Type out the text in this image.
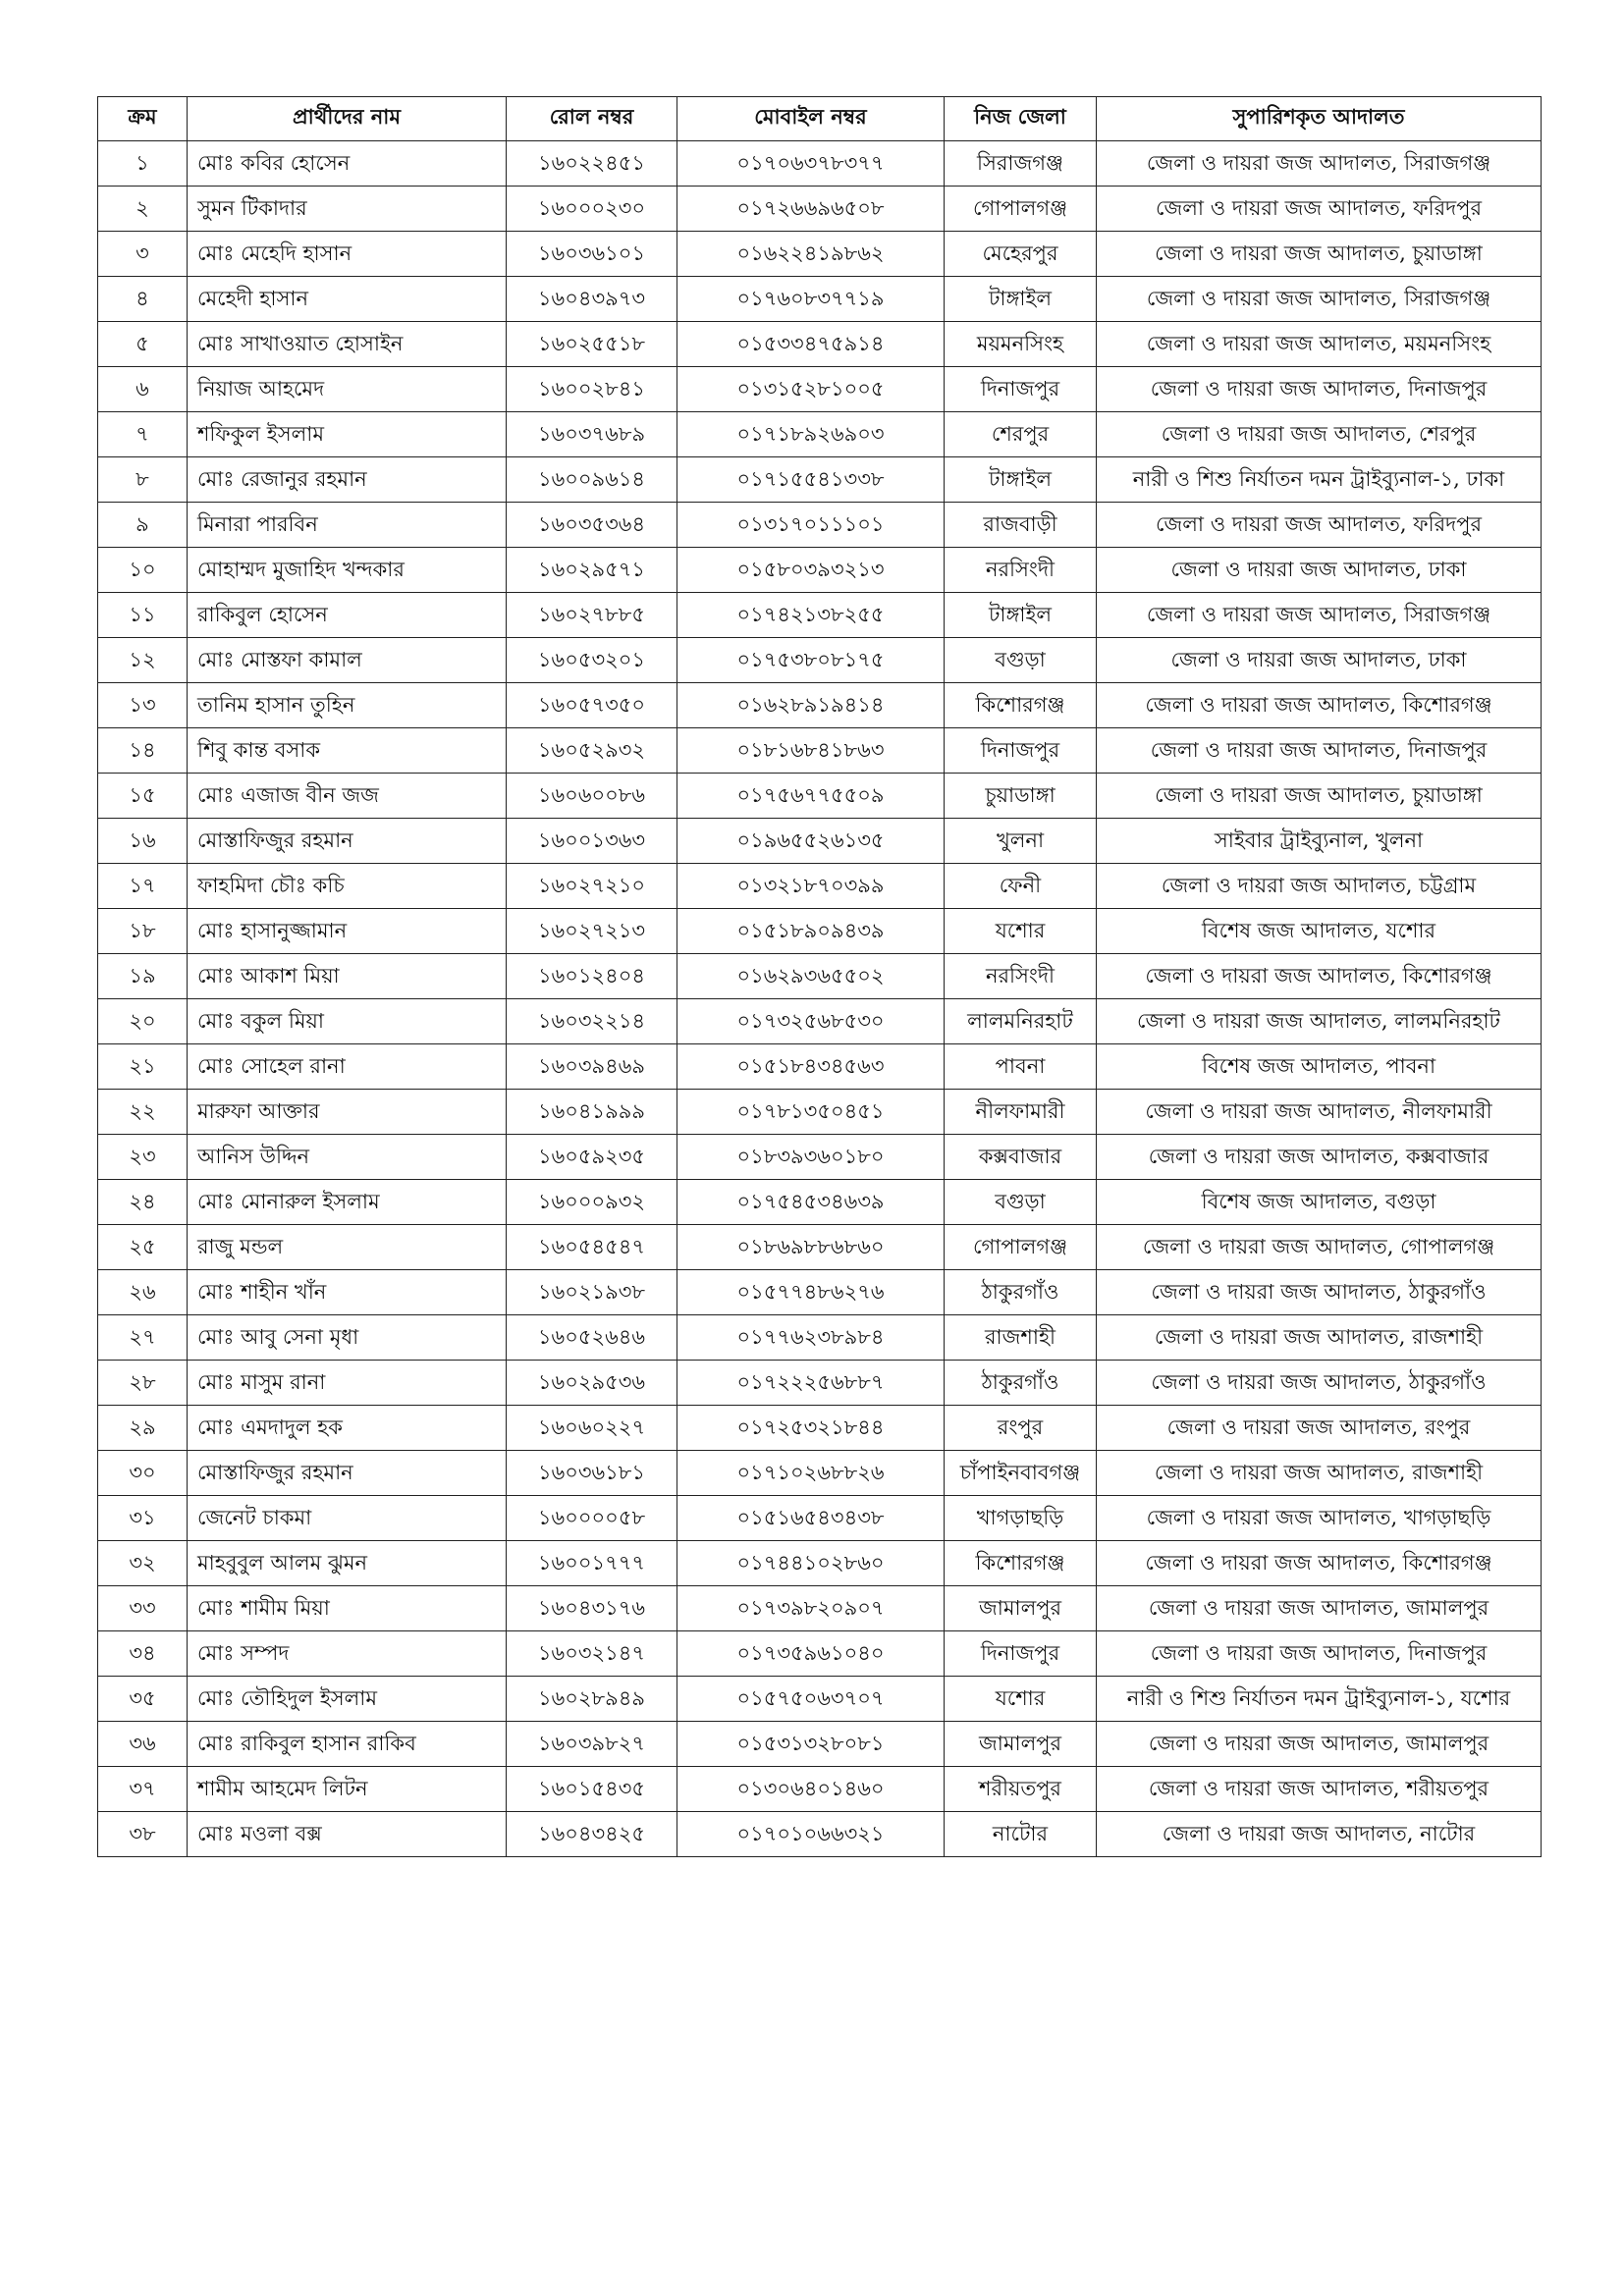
ক্রম	প্রার্থীদের নাম	রোল নম্বর	মোবাইল নম্বর	নিজ জেলা	সুপারিশকৃত আদালত
১	মোঃ কবির হোসেন	১৬০২২৪৫১	০১৭০৬৩৭৮৩৭৭	সিরাজগঞ্জ	জেলা ও দায়রা জজ আদালত, সিরাজগঞ্জ
২	সুমন টিকাদার	১৬০০০২৩০	০১৭২৬৬৯৬৫০৮	গোপালগঞ্জ	জেলা ও দায়রা জজ আদালত, ফরিদপুর
৩	মোঃ মেহেদি হাসান	১৬০৩৬১০১	০১৬২২৪১৯৮৬২	মেহেরপুর	জেলা ও দায়রা জজ আদালত, চুয়াডাঙ্গা
৪	মেহেদী হাসান	১৬০৪৩৯৭৩	০১৭৬০৮৩৭৭১৯	টাঙ্গাইল	জেলা ও দায়রা জজ আদালত, সিরাজগঞ্জ
৫	মোঃ সাখাওয়াত হোসাইন	১৬০২৫৫১৮	০১৫৩৩৪৭৫৯১৪	ময়মনসিংহ	জেলা ও দায়রা জজ আদালত, ময়মনসিংহ
৬	নিয়াজ আহমেদ	১৬০০২৮৪১	০১৩১৫২৮১০০৫	দিনাজপুর	জেলা ও দায়রা জজ আদালত, দিনাজপুর
৭	শফিকুল ইসলাম	১৬০৩৭৬৮৯	০১৭১৮৯২৬৯০৩	শেরপুর	জেলা ও দায়রা জজ আদালত, শেরপুর
৮	মোঃ রেজানুর রহমান	১৬০০৯৬১৪	০১৭১৫৫৪১৩৩৮	টাঙ্গাইল	নারী ও শিশু নির্যাতন দমন ট্রাইব্যুনাল-১, ঢাকা
৯	মিনারা পারবিন	১৬০৩৫৩৬৪	০১৩১৭০১১১০১	রাজবাড়ী	জেলা ও দায়রা জজ আদালত, ফরিদপুর
১০	মোহাম্মদ মুজাহিদ খন্দকার	১৬০২৯৫৭১	০১৫৮০৩৯৩২১৩	নরসিংদী	জেলা ও দায়রা জজ আদালত, ঢাকা
১১	রাকিবুল হোসেন	১৬০২৭৮৮৫	০১৭৪২১৩৮২৫৫	টাঙ্গাইল	জেলা ও দায়রা জজ আদালত, সিরাজগঞ্জ
১২	মোঃ মোস্তফা কামাল	১৬০৫৩২০১	০১৭৫৩৮০৮১৭৫	বগুড়া	জেলা ও দায়রা জজ আদালত, ঢাকা
১৩	তানিম হাসান তুহিন	১৬০৫৭৩৫০	০১৬২৮৯১৯৪১৪	কিশোরগঞ্জ	জেলা ও দায়রা জজ আদালত, কিশোরগঞ্জ
১৪	শিবু কান্ত বসাক	১৬০৫২৯৩২	০১৮১৬৮৪১৮৬৩	দিনাজপুর	জেলা ও দায়রা জজ আদালত, দিনাজপুর
১৫	মোঃ এজাজ বীন জজ	১৬০৬০০৮৬	০১৭৫৬৭৭৫৫০৯	চুয়াডাঙ্গা	জেলা ও দায়রা জজ আদালত, চুয়াডাঙ্গা
১৬	মোস্তাফিজুর রহমান	১৬০০১৩৬৩	০১৯৬৫৫২৬১৩৫	খুলনা	সাইবার ট্রাইব্যুনাল, খুলনা
১৭	ফাহমিদা চৌঃ কচি	১৬০২৭২১০	০১৩২১৮৭০৩৯৯	ফেনী	জেলা ও দায়রা জজ আদালত, চট্টগ্রাম
১৮	মোঃ হাসানুজ্জামান	১৬০২৭২১৩	০১৫১৮৯০৯৪৩৯	যশোর	বিশেষ জজ আদালত, যশোর
১৯	মোঃ আকাশ মিয়া	১৬০১২৪০৪	০১৬২৯৩৬৫৫০২	নরসিংদী	জেলা ও দায়রা জজ আদালত, কিশোরগঞ্জ
২০	মোঃ বকুল মিয়া	১৬০৩২২১৪	০১৭৩২৫৬৮৫৩০	লালমনিরহাট	জেলা ও দায়রা জজ আদালত, লালমনিরহাট
২১	মোঃ সোহেল রানা	১৬০৩৯৪৬৯	০১৫১৮৪৩৪৫৬৩	পাবনা	বিশেষ জজ আদালত, পাবনা
২২	মারুফা আক্তার	১৬০৪১৯৯৯	০১৭৮১৩৫০৪৫১	নীলফামারী	জেলা ও দায়রা জজ আদালত, নীলফামারী
২৩	আনিস উদ্দিন	১৬০৫৯২৩৫	০১৮৩৯৩৬০১৮০	কক্সবাজার	জেলা ও দায়রা জজ আদালত, কক্সবাজার
২৪	মোঃ মোনারুল ইসলাম	১৬০০০৯৩২	০১৭৫৪৫৩৪৬৩৯	বগুড়া	বিশেষ জজ আদালত, বগুড়া
২৫	রাজু মন্ডল	১৬০৫৪৫৪৭	০১৮৬৯৮৮৬৮৬০	গোপালগঞ্জ	জেলা ও দায়রা জজ আদালত, গোপালগঞ্জ
২৬	মোঃ শাহীন খাঁন	১৬০২১৯৩৮	০১৫৭৭৪৮৬২৭৬	ঠাকুরগাঁও	জেলা ও দায়রা জজ আদালত, ঠাকুরগাঁও
২৭	মোঃ আবু সেনা মৃধা	১৬০৫২৬৪৬	০১৭৭৬২৩৮৯৮৪	রাজশাহী	জেলা ও দায়রা জজ আদালত, রাজশাহী
২৮	মোঃ মাসুম রানা	১৬০২৯৫৩৬	০১৭২২২৫৬৮৮৭	ঠাকুরগাঁও	জেলা ও দায়রা জজ আদালত, ঠাকুরগাঁও
২৯	মোঃ এমদাদুল হক	১৬০৬০২২৭	০১৭২৫৩২১৮৪৪	রংপুর	জেলা ও দায়রা জজ আদালত, রংপুর
৩০	মোস্তাফিজুর রহমান	১৬০৩৬১৮১	০১৭১০২৬৮৮২৬	চাঁপাইনবাবগঞ্জ	জেলা ও দায়রা জজ আদালত, রাজশাহী
৩১	জেনেট চাকমা	১৬০০০০৫৮	০১৫১৬৫৪৩৪৩৮	খাগড়াছড়ি	জেলা ও দায়রা জজ আদালত, খাগড়াছড়ি
৩২	মাহবুবুল আলম ঝুমন	১৬০০১৭৭৭	০১৭৪৪১০২৮৬০	কিশোরগঞ্জ	জেলা ও দায়রা জজ আদালত, কিশোরগঞ্জ
৩৩	মোঃ শামীম মিয়া	১৬০৪৩১৭৬	০১৭৩৯৮২০৯০৭	জামালপুর	জেলা ও দায়রা জজ আদালত, জামালপুর
৩৪	মোঃ সম্পদ	১৬০৩২১৪৭	০১৭৩৫৯৬১০৪০	দিনাজপুর	জেলা ও দায়রা জজ আদালত, দিনাজপুর
৩৫	মোঃ তৌহিদুল ইসলাম	১৬০২৮৯৪৯	০১৫৭৫০৬৩৭০৭	যশোর	নারী ও শিশু নির্যাতন দমন ট্রাইব্যুনাল-১, যশোর
৩৬	মোঃ রাকিবুল হাসান রাকিব	১৬০৩৯৮২৭	০১৫৩১৩২৮০৮১	জামালপুর	জেলা ও দায়রা জজ আদালত, জামালপুর
৩৭	শামীম আহমেদ লিটন	১৬০১৫৪৩৫	০১৩০৬৪০১৪৬০	শরীয়তপুর	জেলা ও দায়রা জজ আদালত, শরীয়তপুর
৩৮	মোঃ মওলা বক্স	১৬০৪৩৪২৫	০১৭০১০৬৬৩২১	নাটোর	জেলা ও দায়রা জজ আদালত, নাটোর
